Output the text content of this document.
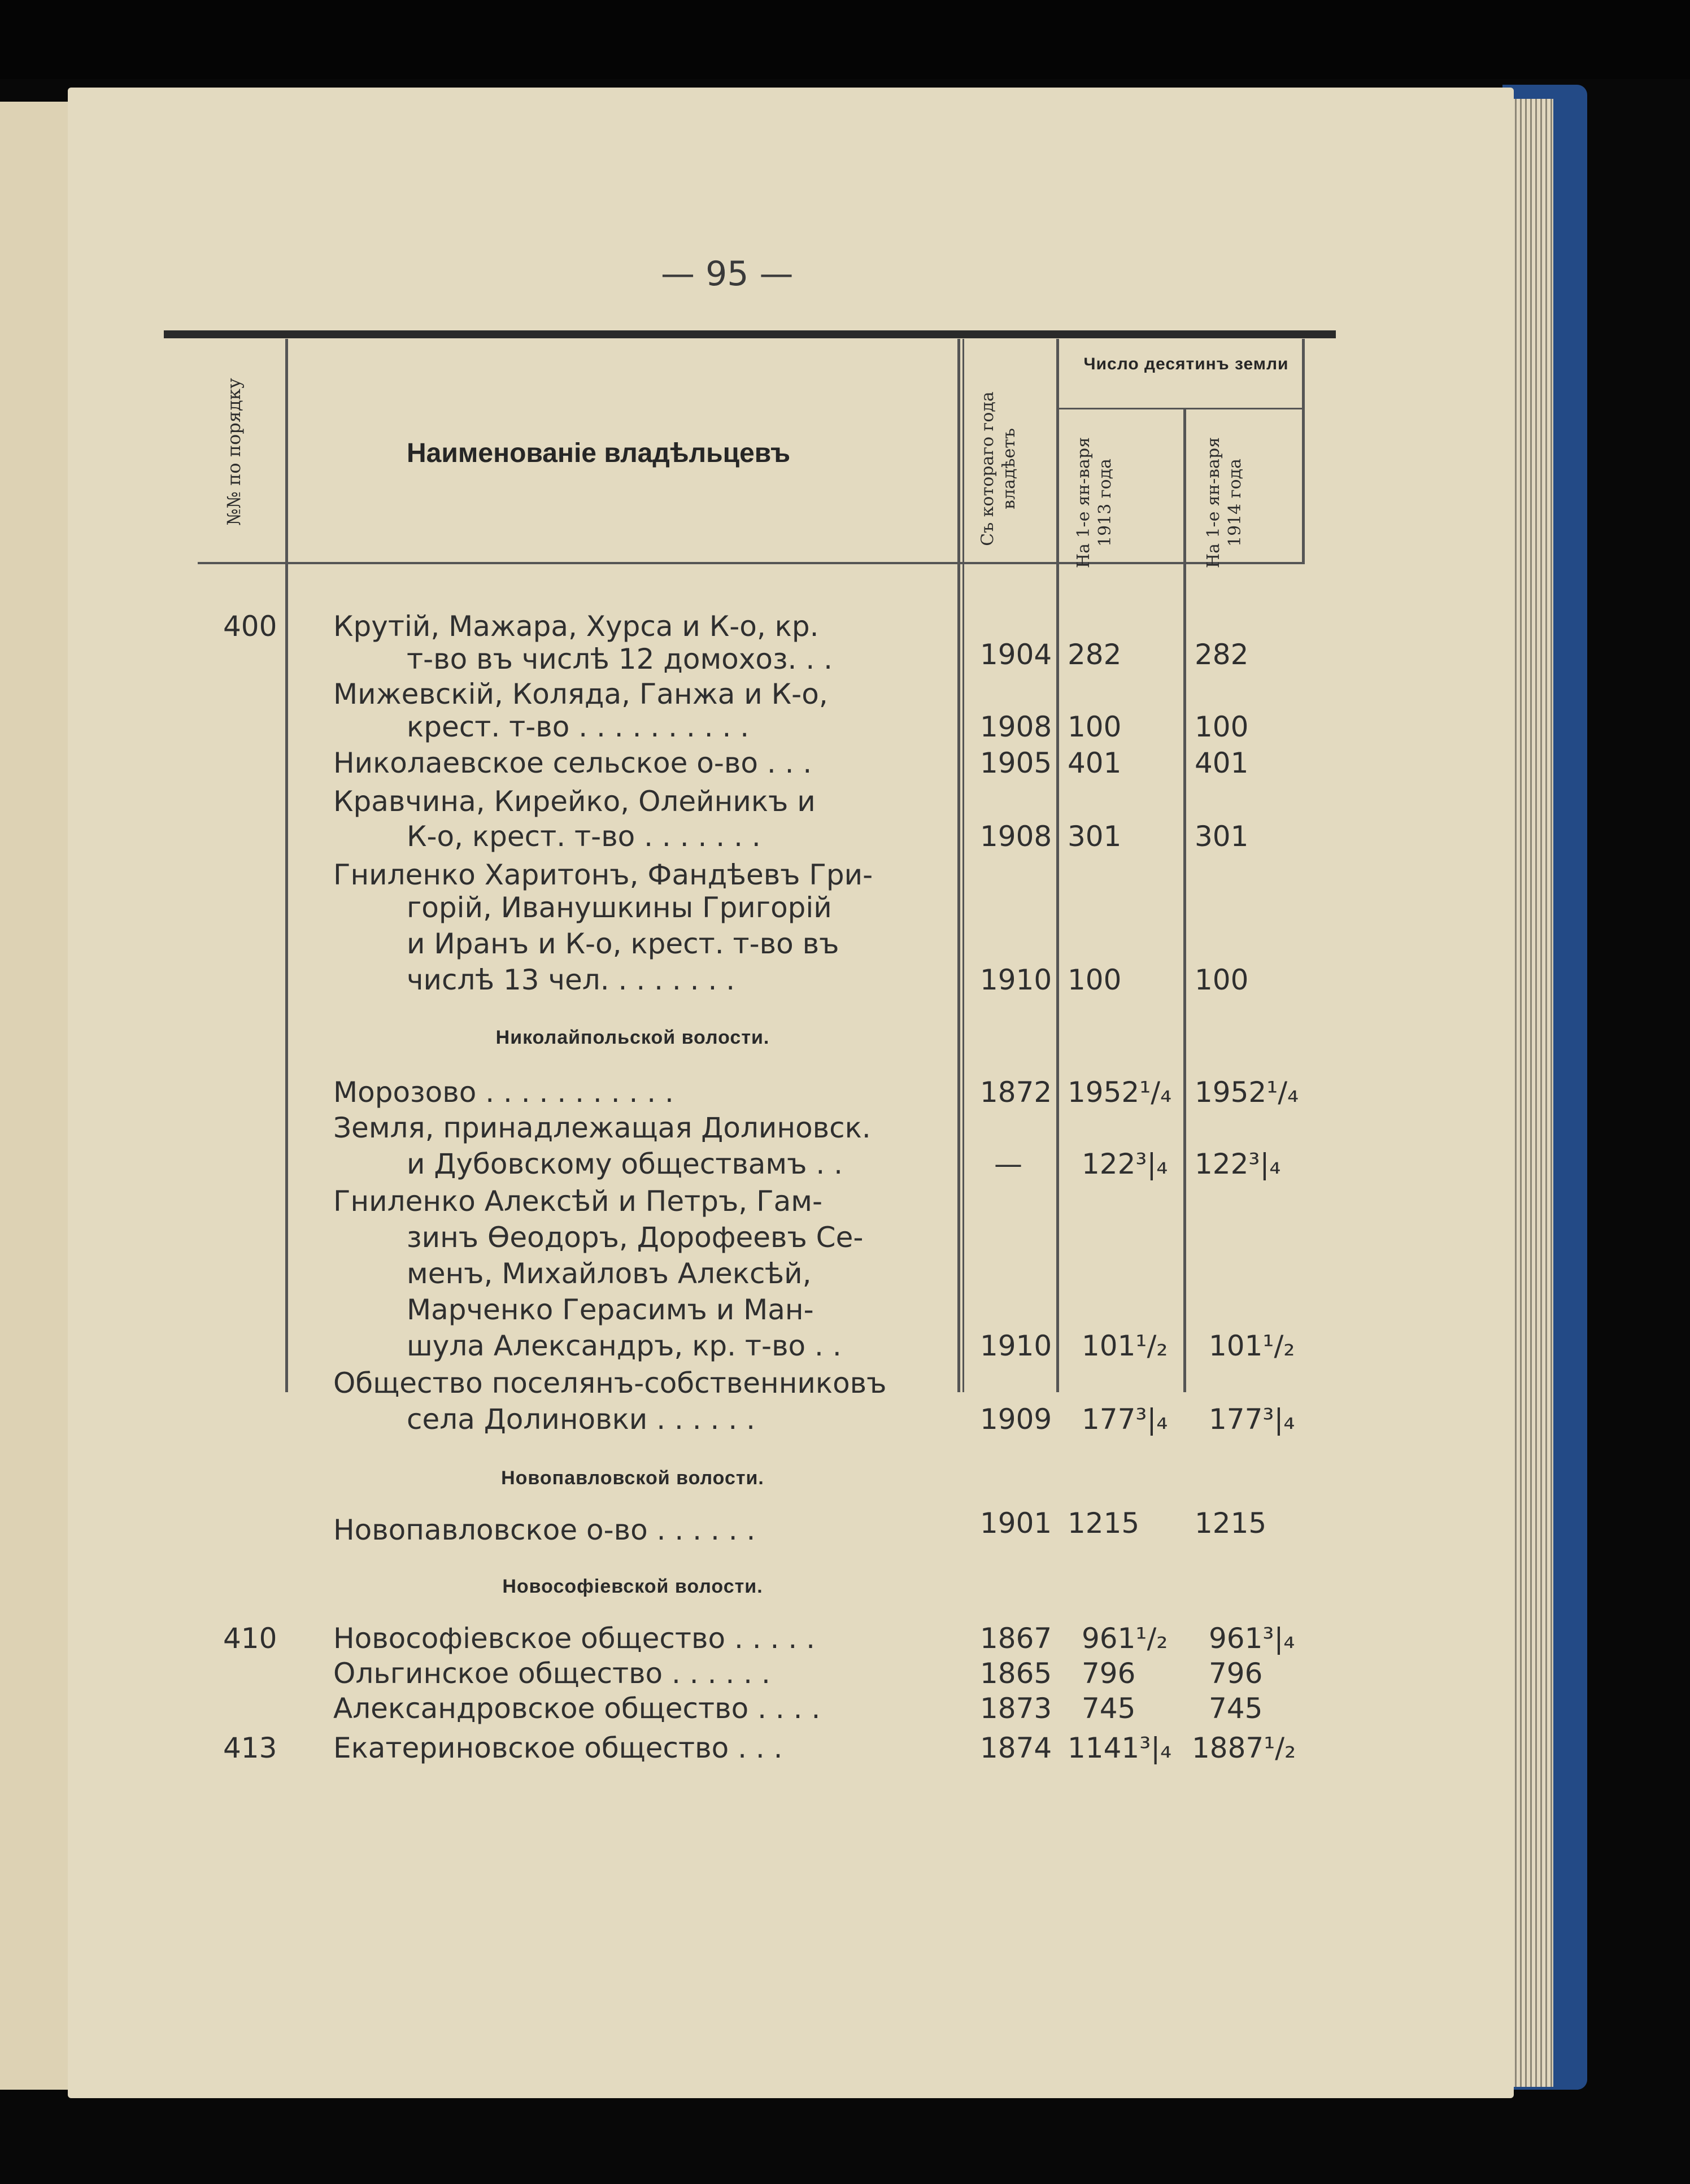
— 95 —
№№ по порядку	Наименованіе владѣльцевъ	Съ котораго года владѣетъ
Число десятинъ земли
На 1-е ян-варя 1913 года	На 1-е ян-варя 1914 года
400 Крутій, Мажара, Хурса и К-о, кр.
т-во въ числѣ 12 домохоз. . .	1904 282	282
Мижевскій, Коляда, Ганжа и К-о,
крест. т-во . . . . . . . . . .	1908 100	100
Николаевское сельское о-во . . .	1905 401	401
Кравчина, Кирейко, Олейникъ и
К-о, крест. т-во . . . . . . .	1908 301	301
Гниленко Харитонъ, Фандѣевъ Гри-
горій, Иванушкины Григорій
и Иранъ и К-о, крест. т-во въ
числѣ 13 чел. . . . . . . .	1910 100	100
Николайпольской волости.
Морозово . . . . . . . . . . .	1872 1952¹/₄ 1952¹/₄
Земля, принадлежащая Долиновск.
и Дубовскому обществамъ . .	— 122³|₄ 122³|₄
Гниленко Алексѣй и Петръ, Гам-
зинъ Ѳеодоръ, Дорофеевъ Се-
менъ, Михайловъ Алексѣй,
Марченко Герасимъ и Ман-
шула Александръ, кр. т-во . .	1910 101¹/₂ 101¹/₂
Общество поселянъ-собственниковъ
села Долиновки . . . . . .	1909 177³|₄ 177³|₄
Новопавловской волости.
Новопавловское о-во . . . . . .	1901 1215 1215
Новософіевской волости.
410 Новософіевское общество . . . . .	1867 961¹/₂ 961³|₄
Ольгинское общество . . . . . .	1865 796	796
Александровское общество . . . .	1873 745	745
413 Екатериновское общество . . .	1874 1141³|₄ 1887¹/₂
